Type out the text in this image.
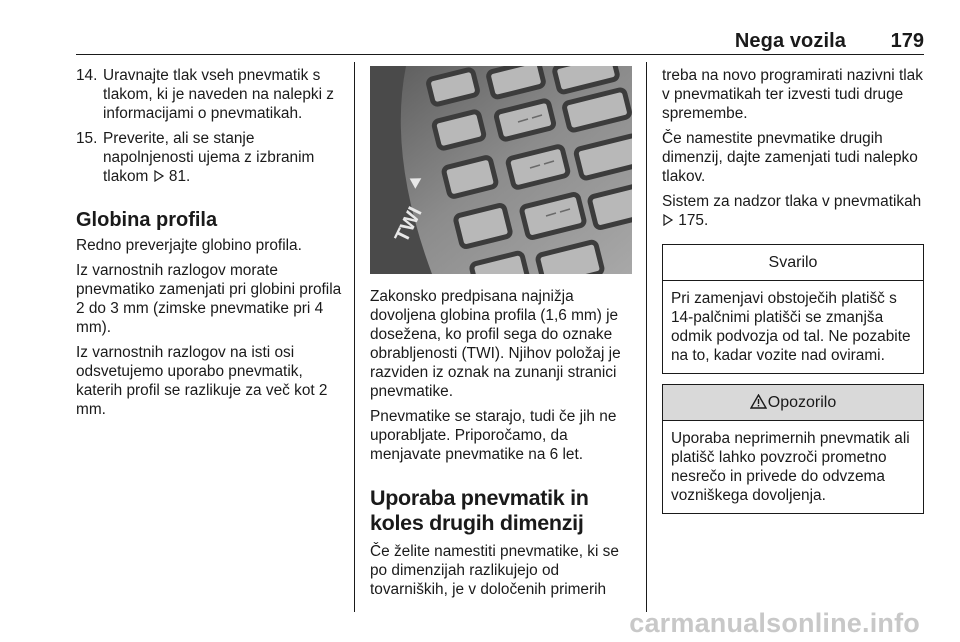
Nega vozila 179
14. Uravnajte tlak vseh pnevmatik s tlakom, ki je naveden na nalepki z informacijami o pnevmatikah.
15. Preverite, ali se stanje napolnjenosti ujema z izbranim tlakom  81.
Globina profila

Redno preverjajte globino profila.

Iz varnostnih razlogov morate pnevmatiko zamenjati pri globini profila 2 do 3 mm (zimske pnevmatike pri 4 mm).

Iz varnostnih razlogov na isti osi odsvetujemo uporabo pnevmatik, katerih profil se razlikuje za več kot 2 mm.

TWI

Zakonsko predpisana najnižja dovoljena globina profila (1,6 mm) je dosežena, ko profil sega do oznake obrabljenosti (TWI). Njihov položaj je razviden iz oznak na zunanji stranici pnevmatike.

Pnevmatike se starajo, tudi če jih ne uporabljate. Priporočamo, da menjavate pnevmatike na 6 let.

Uporaba pnevmatik in koles drugih dimenzij

Če želite namestiti pnevmatike, ki se po dimenzijah razlikujejo od tovarniških, je v določenih primerih

treba na novo programirati nazivni tlak v pnevmatikah ter izvesti tudi druge spremembe.

Če namestite pnevmatike drugih dimenzij, dajte zamenjati tudi nalepko tlakov.

Sistem za nadzor tlaka v pnevmatikah  175.

Svarilo
Pri zamenjavi obstoječih platišč s 14-palčnimi platišči se zmanjša odmik podvozja od tal. Ne pozabite na to, kadar vozite nad ovirami.
Opozorilo
Uporaba neprimernih pnevmatik ali platišč lahko povzroči prometno nesrečo in privede do odvzema vozniškega dovoljenja.
carmanualsonline.info
